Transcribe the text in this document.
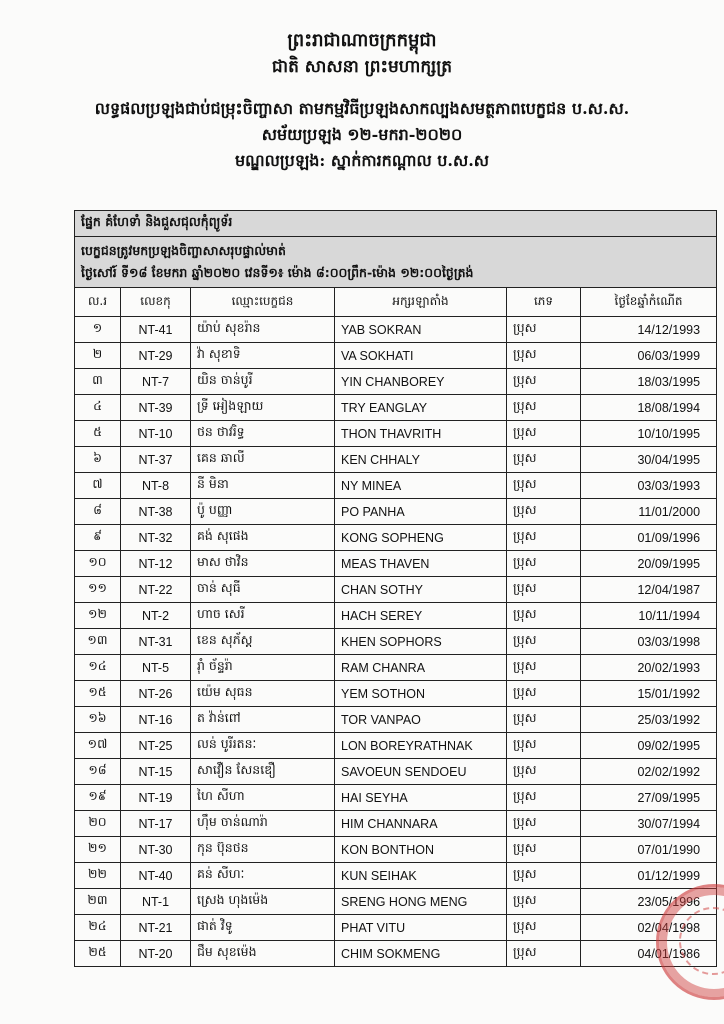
ព្រះរាជាណាចក្រកម្ពុជា
ជាតិ សាសនា ព្រះមហាក្សត្រ
លទ្ធផលប្រឡងជាប់ជម្រុះចិញ្ចាសា តាមកម្មវិធីប្រឡងសាកល្បងសមត្ថភាពបេក្ខជន ប.ស.ស.
សម័យប្រឡង ១២-មករា-២០២០
មណ្ឌលប្រឡង: ស្នាក់ការកណ្ដាល ប.ស.ស
ផ្នែក គំហែទាំ និងជួសជុលកុំព្យូទ័រ					

បេក្ខជនត្រូវមកប្រឡងចិញ្ចាសាសរុបផ្ទាល់មាត់
ថ្ងៃសៅរ៍ ទី១៨ ខែមករា ឆ្នាំ២០២០ វេនទី១៖ ម៉ោង ៨:០០ព្រឹក-ម៉ោង ១២:០០ថ្ងៃត្រង់					

ល.រ	លេខកុ	ឈ្មោះបេក្ខជន	អក្សរឡាតាំង	ភេទ	ថ្ងៃខែឆ្នាំកំណើត
១	NT-41	យ៉ាប់ សុខរ៉ាន	YAB SOKRAN	ប្រុស	14/12/1993
២	NT-29	វ៉ា សុខាទិ	VA SOKHATI	ប្រុស	06/03/1999
៣	NT-7	យិន ចាន់បូរី	YIN CHANBOREY	ប្រុស	18/03/1995
៤	NT-39	ទ្រី អៀងឡាយ	TRY EANGLAY	ប្រុស	18/08/1994
៥	NT-10	ថន ថាវរិទ្ធ	THON THAVRITH	ប្រុស	10/10/1995
៦	NT-37	គេន ឆាលី	KEN CHHALY	ប្រុស	30/04/1995
៧	NT-8	នី មិនា	NY MINEA	ប្រុស	03/03/1993
៨	NT-38	ប៉ូ បញ្ញា	PO PANHA	ប្រុស	11/01/2000
៩	NT-32	គង់ សុផេង	KONG SOPHENG	ប្រុស	01/09/1996
១០	NT-12	មាស ថាវិន	MEAS THAVEN	ប្រុស	20/09/1995
១១	NT-22	ចាន់ សុធី	CHAN SOTHY	ប្រុស	12/04/1987
១២	NT-2	ហាច សេរី	HACH SEREY	ប្រុស	10/11/1994
១៣	NT-31	ខេន សុភ័ស្ត	KHEN SOPHORS	ប្រុស	03/03/1998
១៤	NT-5	រ៉ាំ ច័ន្ទរ៉ា	RAM CHANRA	ប្រុស	20/02/1993
១៥	NT-26	យ៉េម សុធន	YEM SOTHON	ប្រុស	15/01/1992
១៦	NT-16	ត វ៉ាន់ពៅ	TOR VANPAO	ប្រុស	25/03/1992
១៧	NT-25	លន់ បូរីរតនៈ	LON BOREYRATHNAK	ប្រុស	09/02/1995
១៨	NT-15	សាវឿន សែនឌឿ	SAVOEUN SENDOEU	ប្រុស	02/02/1992
១៩	NT-19	ហៃ សីហា	HAI SEYHA	ប្រុស	27/09/1995
២០	NT-17	ហ៊ឹម ចាន់ណារ៉ា	HIM CHANNARA	ប្រុស	30/07/1994
២១	NT-30	កុន ប៊ុនថន	KON BONTHON	ប្រុស	07/01/1990
២២	NT-40	គន់ សីហៈ	KUN SEIHAK	ប្រុស	01/12/1999
២៣	NT-1	ស្រេង ហុងម៉េង	SRENG HONG MENG	ប្រុស	23/05/1996
២៤	NT-21	ផាត់ វិទូ	PHAT VITU	ប្រុស	02/04/1998
២៥	NT-20	ជឹម សុខម៉េង	CHIM SOKMENG	ប្រុស	04/01/1986
